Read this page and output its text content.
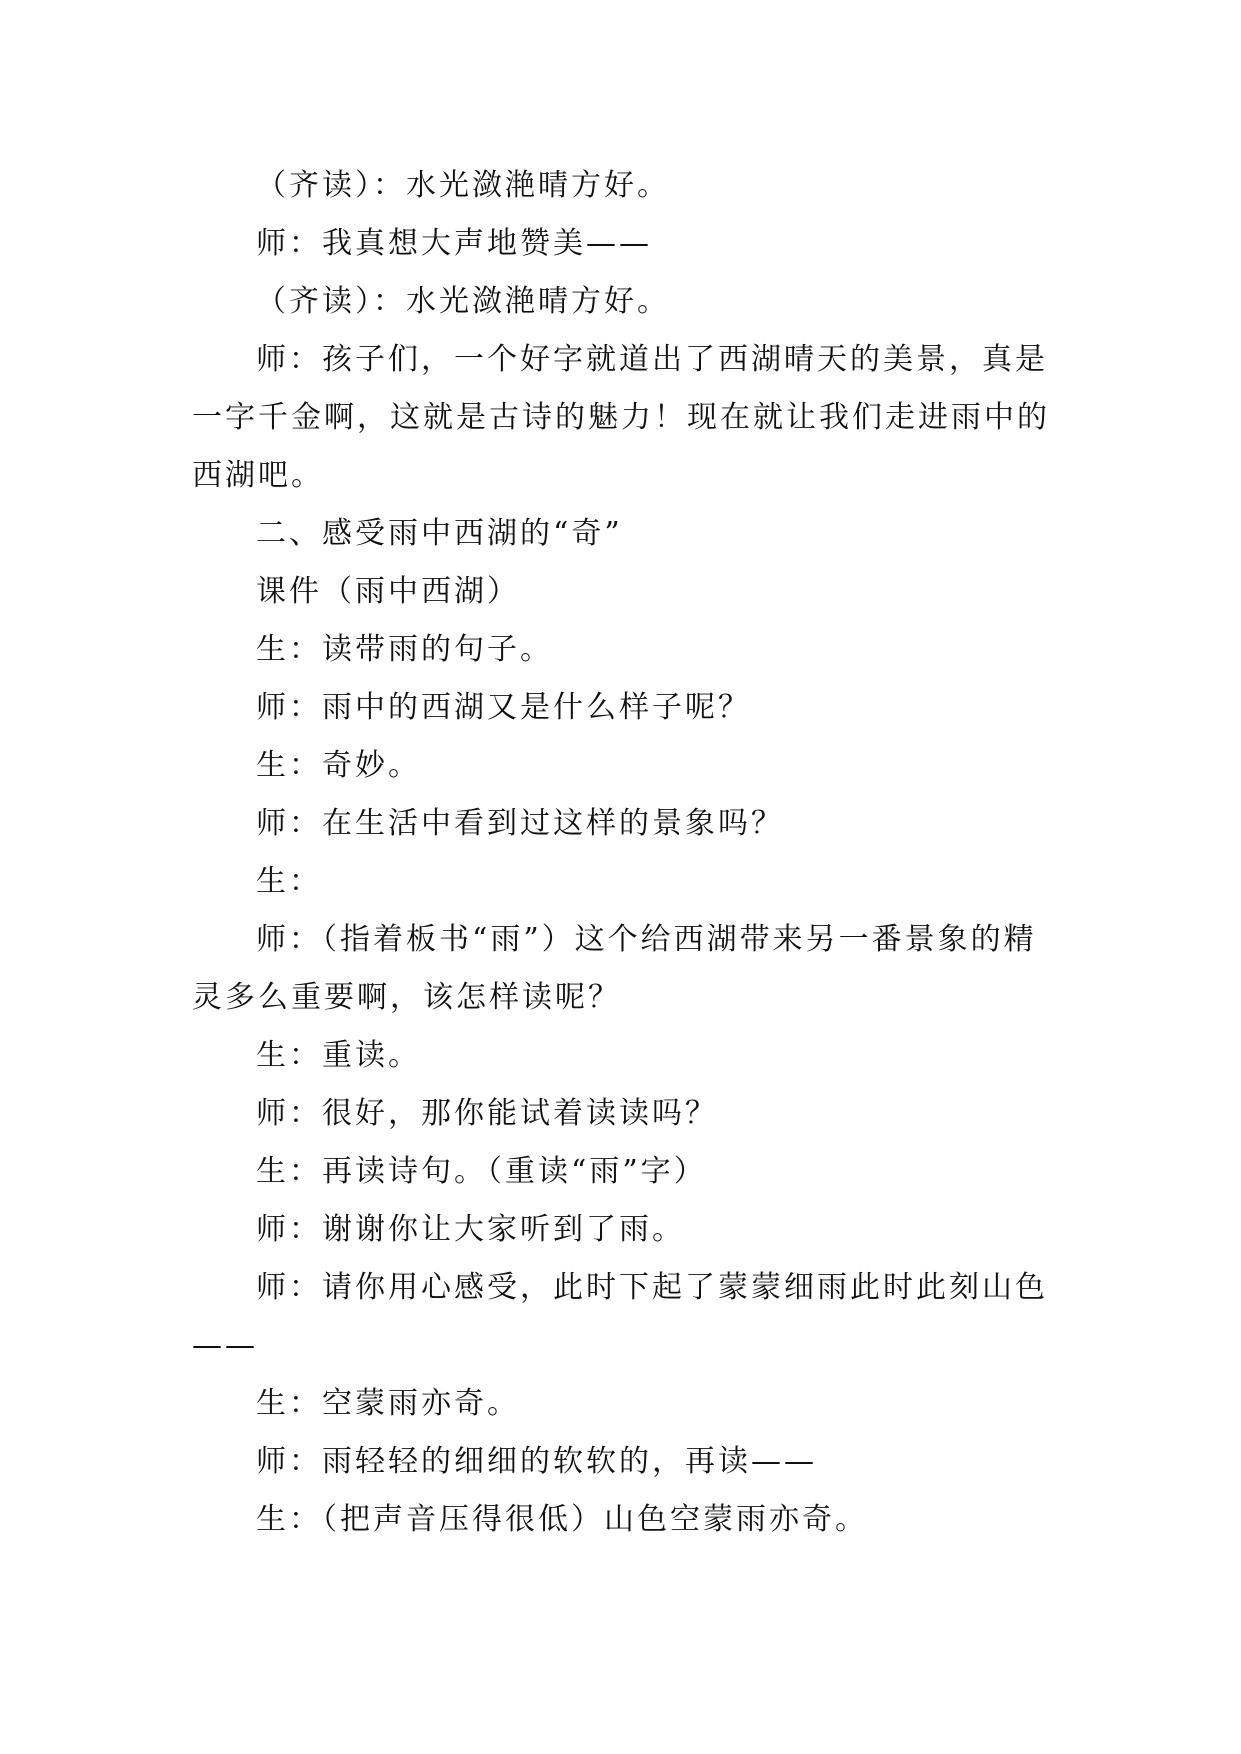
（齐读）：水光潋滟晴方好。

师：我真想大声地赞美——

（齐读）：水光潋滟晴方好。

师：孩子们，一个好字就道出了西湖晴天的美景，真是一字千金啊，这就是古诗的魅力！现在就让我们走进雨中的西湖吧。

二、感受雨中西湖的“奇”

课件（雨中西湖）

生：读带雨的句子。

师：雨中的西湖又是什么样子呢？

生：奇妙。

师：在生活中看到过这样的景象吗？

生：

师：（指着板书“雨”）这个给西湖带来另一番景象的精灵多么重要啊，该怎样读呢？

生：重读。

师：很好，那你能试着读读吗？

生：再读诗句。（重读“雨”字）

师：谢谢你让大家听到了雨。

师：请你用心感受，此时下起了蒙蒙细雨此时此刻山色——

生：空蒙雨亦奇。

师：雨轻轻的细细的软软的，再读——

生：（把声音压得很低）山色空蒙雨亦奇。
